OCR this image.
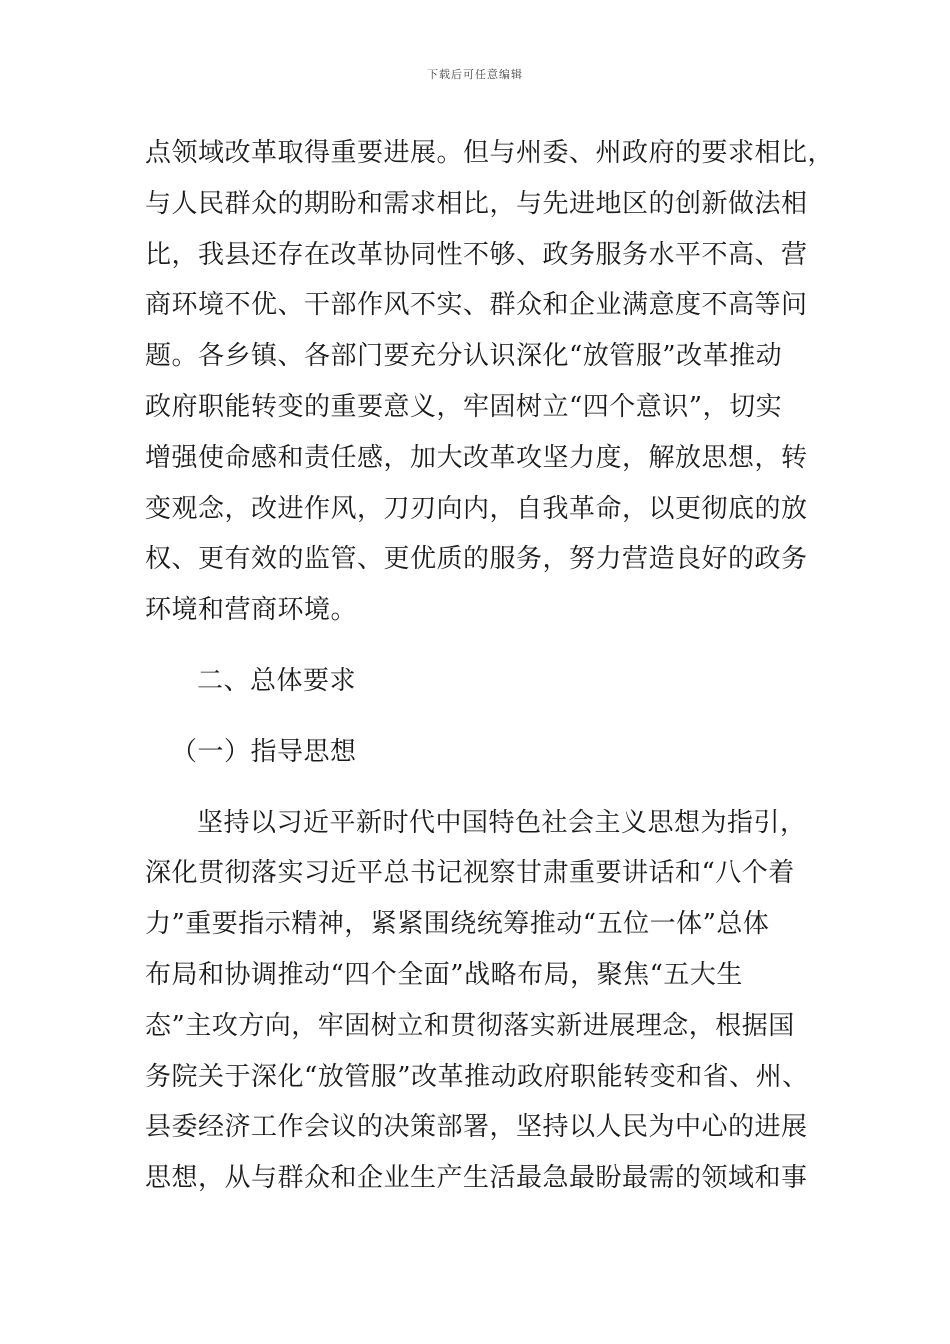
下载后可任意编辑
点领域改革取得重要进展。但与州委、州政府的要求相比，
与人民群众的期盼和需求相比，与先进地区的创新做法相
比，我县还存在改革协同性不够、政务服务水平不高、营
商环境不优、干部作风不实、群众和企业满意度不高等问
题。各乡镇、各部门要充分认识深化“放管服”改革推动
政府职能转变的重要意义，牢固树立“四个意识”，切实
增强使命感和责任感，加大改革攻坚力度，解放思想，转
变观念，改进作风，刀刃向内，自我革命，以更彻底的放
权、更有效的监管、更优质的服务，努力营造良好的政务
环境和营商环境。
二、总体要求
（一）指导思想
坚持以习近平新时代中国特色社会主义思想为指引，
深化贯彻落实习近平总书记视察甘肃重要讲话和“八个着
力”重要指示精神，紧紧围绕统筹推动“五位一体”总体
布局和协调推动“四个全面”战略布局，聚焦“五大生
态”主攻方向，牢固树立和贯彻落实新进展理念，根据国
务院关于深化“放管服”改革推动政府职能转变和省、州、
县委经济工作会议的决策部署，坚持以人民为中心的进展
思想，从与群众和企业生产生活最急最盼最需的领域和事
